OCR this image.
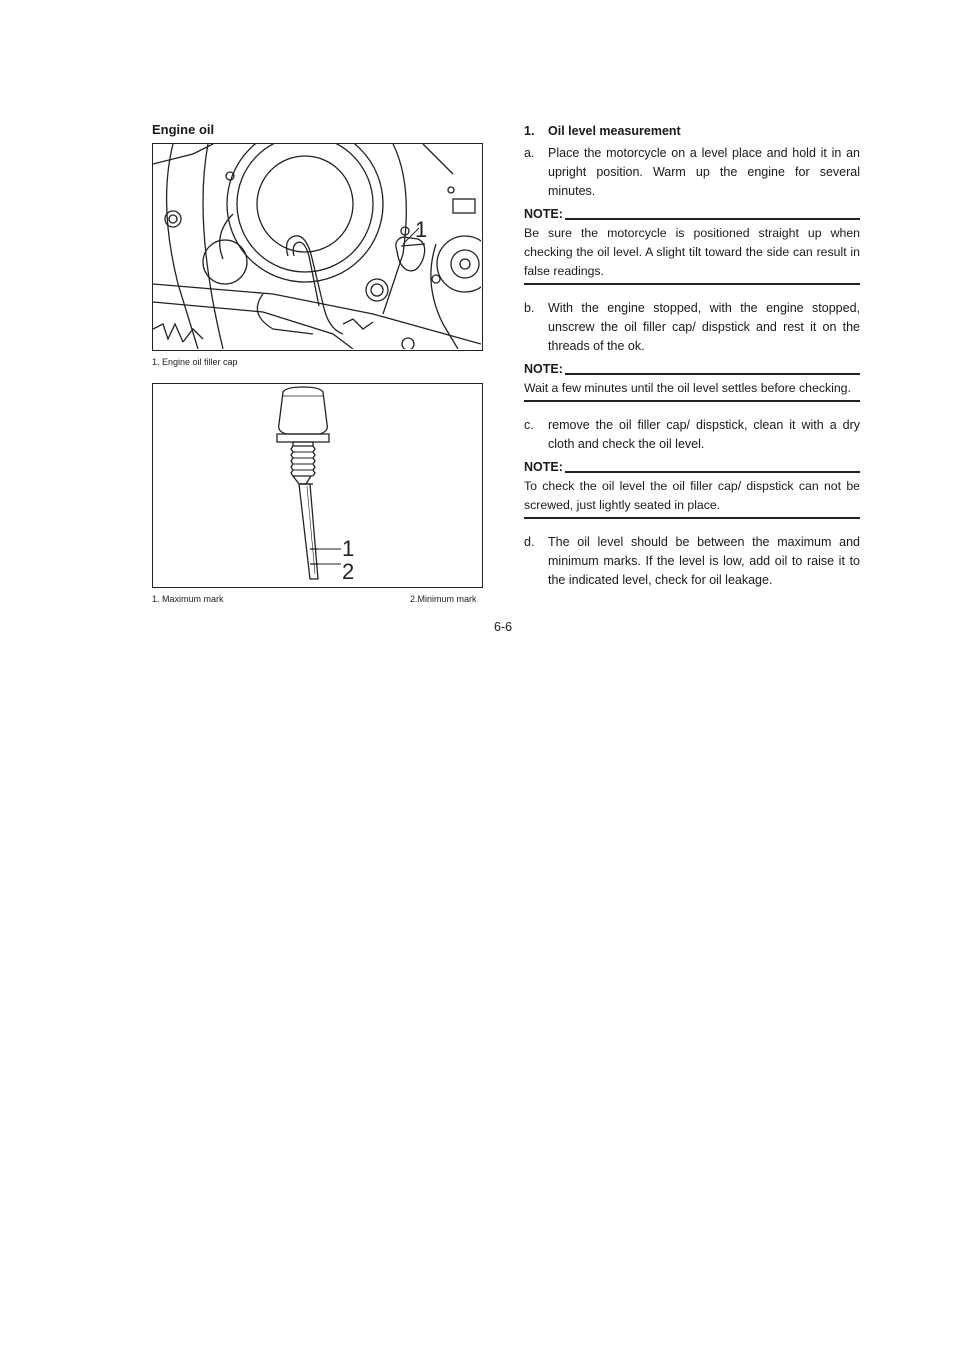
Engine oil
1
1. Engine oil filler cap
1
2
1. Maximum mark	2.Minimum mark
1. Oil level measurement
a.	Place the motorcycle on a level place and hold it in an upright position. Warm up the engine for several minutes.
NOTE:
Be sure the motorcycle is positioned straight up when checking the oil level. A slight tilt toward the side can result in false readings.
b.	With the engine stopped, with the engine stopped, unscrew the oil filler cap/ dispstick and rest it on the threads of the ok.
NOTE:
Wait a few minutes until the oil level settles before checking.
c.	remove the oil filler cap/ dispstick, clean it with a dry cloth and check the oil level.
NOTE:
To check the oil level the oil filler cap/ dispstick can not be screwed, just lightly seated in place.
d.	The oil level should be between the maximum and minimum marks. If the level is low, add oil to raise it to the indicated level, check for oil leakage.
6-6
